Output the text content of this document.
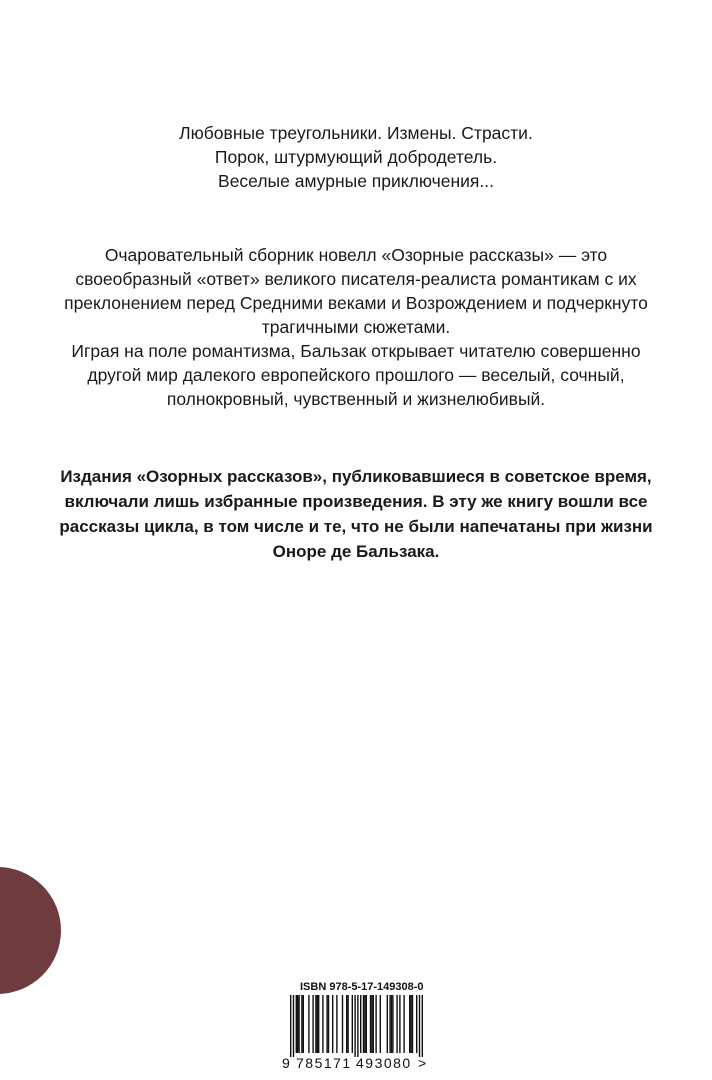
Любовные треугольники. Измены. Страсти.
Порок, штурмующий добродетель.
Веселые амурные приключения...

Очаровательный сборник новелл «Озорные рассказы» — это
своеобразный «ответ» великого писателя-реалиста романтикам с их
преклонением перед Средними веками и Возрождением и подчеркнуто
трагичными сюжетами.

Играя на поле романтизма, Бальзак открывает читателю совершенно
другой мир далекого европейского прошлого — веселый, сочный,
полнокровный, чувственный и жизнелюбивый.

Издания «Озорных рассказов», публиковавшиеся в советское время,
включали лишь избранные произведения. В эту же книгу вошли все
рассказы цикла, в том числе и те, что не были напечатаны при жизни
Оноре де Бальзака.
ISBN 978-5-17-149308-0
9 785171 493080 >
